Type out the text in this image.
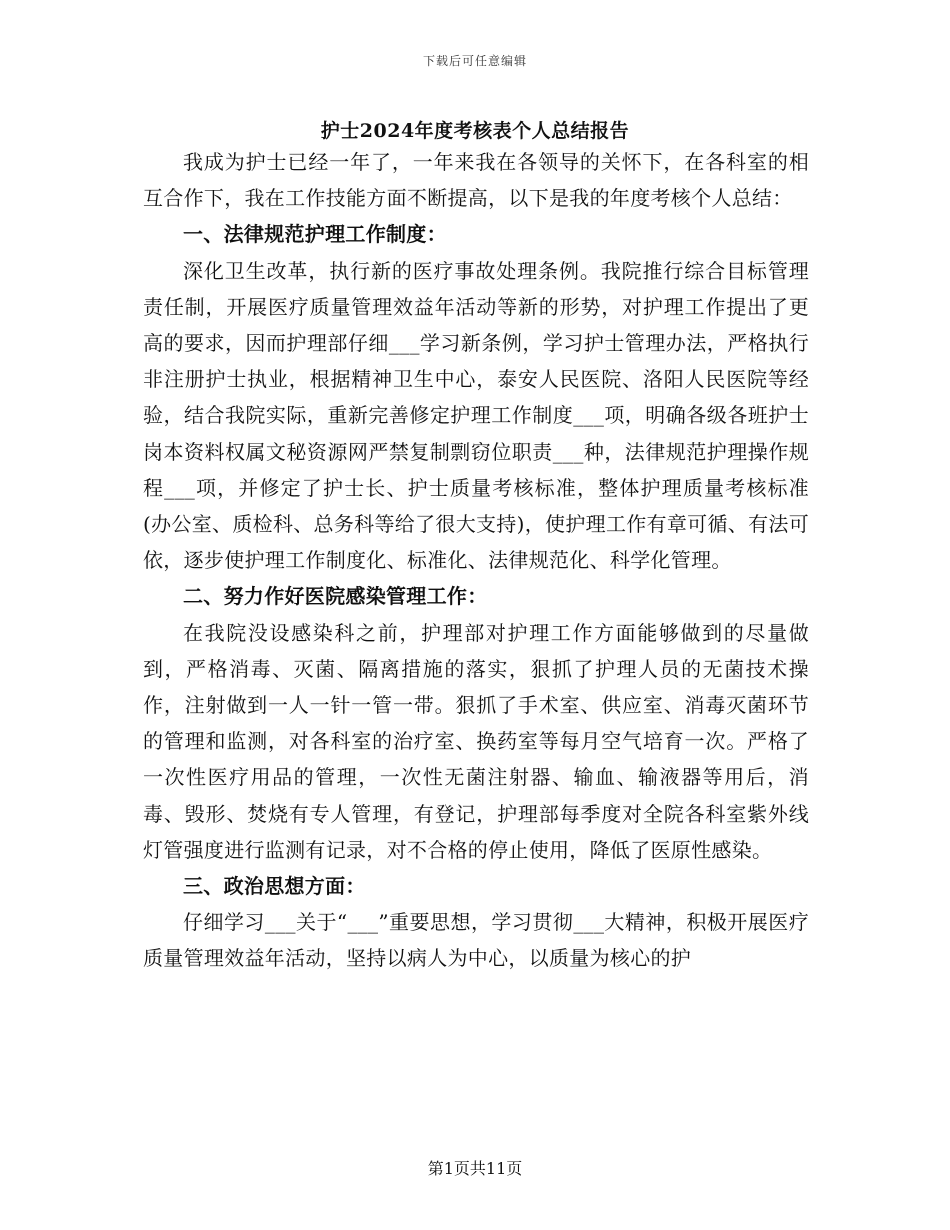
下载后可任意编辑
护士2024年度考核表个人总结报告

我成为护士已经一年了，一年来我在各领导的关怀下，在各科室的相互合作下，我在工作技能方面不断提高，以下是我的年度考核个人总结：

一、法律规范护理工作制度：

深化卫生改革，执行新的医疗事故处理条例。我院推行综合目标管理责任制，开展医疗质量管理效益年活动等新的形势，对护理工作提出了更高的要求，因而护理部仔细___学习新条例，学习护士管理办法，严格执行非注册护士执业，根据精神卫生中心，泰安人民医院、洛阳人民医院等经验，结合我院实际，重新完善修定护理工作制度___项，明确各级各班护士岗本资料权属文秘资源网严禁复制剽窃位职责___种，法律规范护理操作规程___项，并修定了护士长、护士质量考核标准，整体护理质量考核标准(办公室、质检科、总务科等给了很大支持)，使护理工作有章可循、有法可依，逐步使护理工作制度化、标准化、法律规范化、科学化管理。

二、努力作好医院感染管理工作：

在我院没设感染科之前，护理部对护理工作方面能够做到的尽量做到，严格消毒、灭菌、隔离措施的落实，狠抓了护理人员的无菌技术操作，注射做到一人一针一管一带。狠抓了手术室、供应室、消毒灭菌环节的管理和监测，对各科室的治疗室、换药室等每月空气培育一次。严格了一次性医疗用品的管理，一次性无菌注射器、输血、输液器等用后，消毒、毁形、焚烧有专人管理，有登记，护理部每季度对全院各科室紫外线灯管强度进行监测有记录，对不合格的停止使用，降低了医原性感染。

三、政治思想方面：

仔细学习___关于“___”重要思想，学习贯彻___大精神，积极开展医疗质量管理效益年活动，坚持以病人为中心，以质量为核心的护

第1页共11页
